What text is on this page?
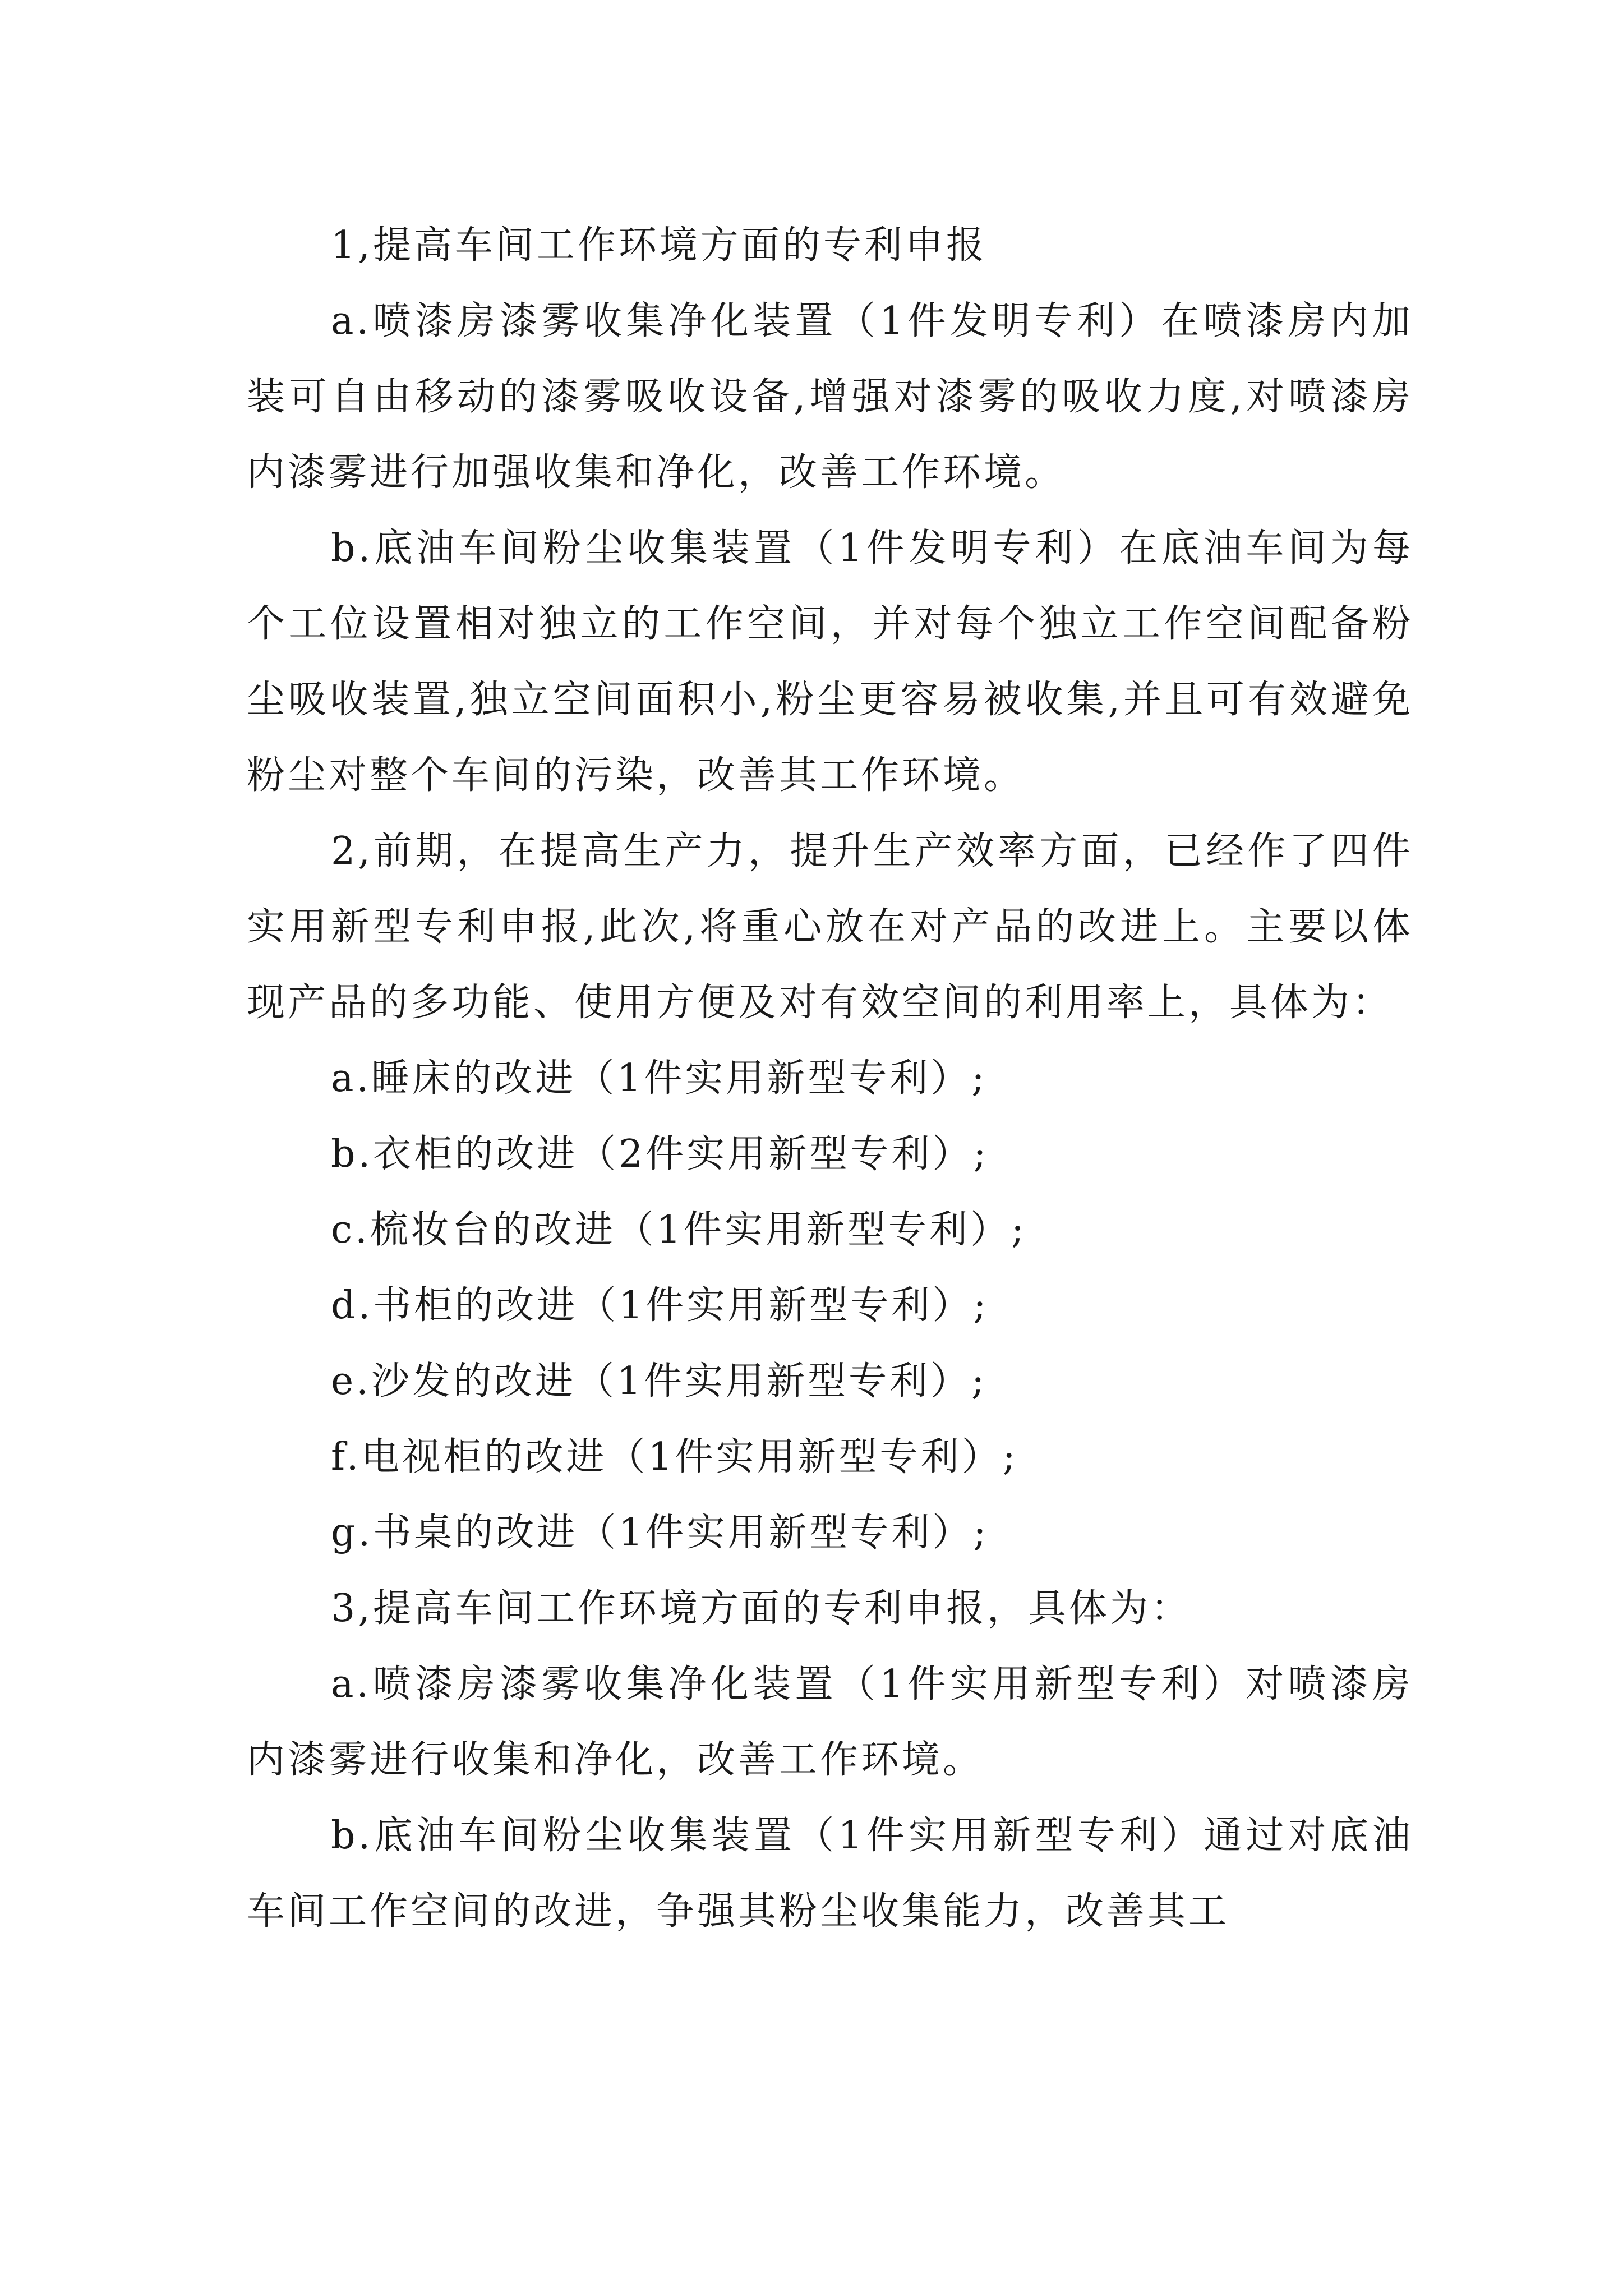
1,提高车间工作环境方面的专利申报

a.喷漆房漆雾收集净化装置（1件发明专利）在喷漆房内加装可自由移动的漆雾吸收设备,增强对漆雾的吸收力度,对喷漆房内漆雾进行加强收集和净化，改善工作环境。

b.底油车间粉尘收集装置（1件发明专利）在底油车间为每个工位设置相对独立的工作空间，并对每个独立工作空间配备粉尘吸收装置,独立空间面积小,粉尘更容易被收集,并且可有效避免粉尘对整个车间的污染，改善其工作环境。

2,前期，在提高生产力，提升生产效率方面，已经作了四件实用新型专利申报,此次,将重心放在对产品的改进上。主要以体现产品的多功能、使用方便及对有效空间的利用率上，具体为：

a.睡床的改进（1件实用新型专利）;

b.衣柜的改进（2件实用新型专利）;

c.梳妆台的改进（1件实用新型专利）;

d.书柜的改进（1件实用新型专利）;

e.沙发的改进（1件实用新型专利）;

f.电视柜的改进（1件实用新型专利）;

g.书桌的改进（1件实用新型专利）;

3,提高车间工作环境方面的专利申报，具体为：

a.喷漆房漆雾收集净化装置（1件实用新型专利）对喷漆房内漆雾进行收集和净化，改善工作环境。

b.底油车间粉尘收集装置（1件实用新型专利）通过对底油车间工作空间的改进，争强其粉尘收集能力，改善其工
